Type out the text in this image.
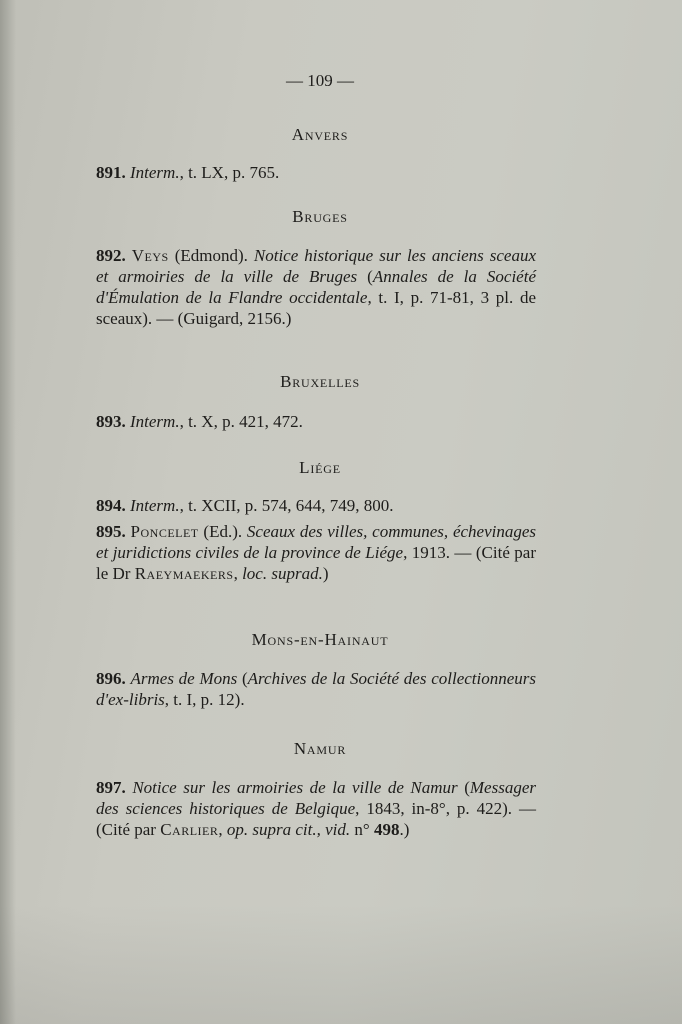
— 109 —
Anvers
891. Interm., t. LX, p. 765.
Bruges
892. Veys (Edmond). Notice historique sur les anciens sceaux et armoiries de la ville de Bruges (Annales de la Société d'Émulation de la Flandre occidentale, t. I, p. 71-81, 3 pl. de sceaux). — (Guigard, 2156.)
Bruxelles
893. Interm., t. X, p. 421, 472.
Liége
894. Interm., t. XCII, p. 574, 644, 749, 800.
895. Poncelet (Ed.). Sceaux des villes, communes, échevinages et juridictions civiles de la province de Liége, 1913. — (Cité par le Dr Raeymaekers, loc. suprad.)
Mons-en-Hainaut
896. Armes de Mons (Archives de la Société des collectionneurs d'ex-libris, t. I, p. 12).
Namur
897. Notice sur les armoiries de la ville de Namur (Messager des sciences historiques de Belgique, 1843, in-8°, p. 422). — (Cité par Carlier, op. supra cit., vid. n° 498.)
